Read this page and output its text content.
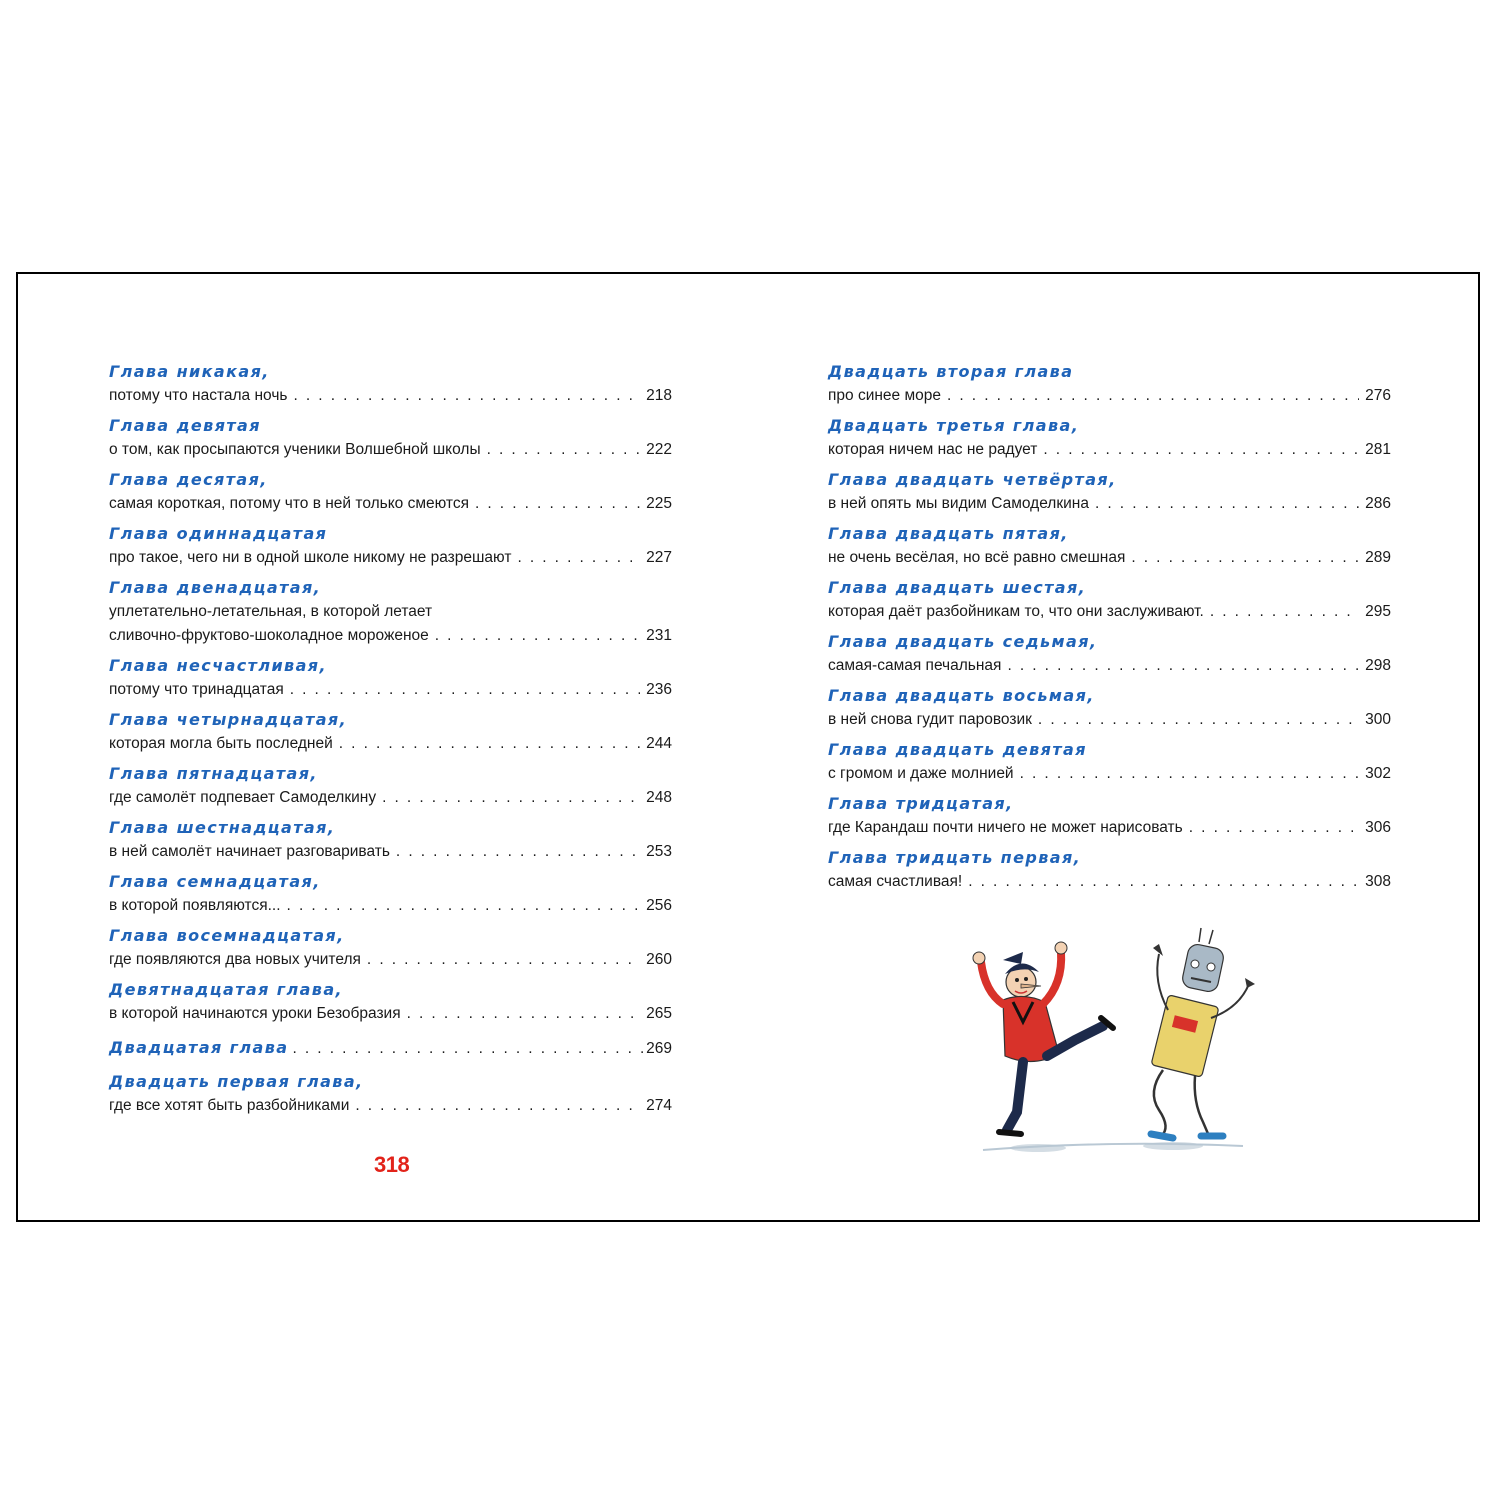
Глава никакая,
потому что настала ночь . . .	218
Глава девятая
о том, как просыпаются ученики Волшебной школы . . .	222
Глава десятая,
самая короткая, потому что в ней только смеются . . .	225
Глава одиннадцатая
про такое, чего ни в одной школе никому не разрешают . . .	227
Глава двенадцатая,
уплетательно-летательная, в которой летает
сливочно-фруктово-шоколадное мороженое . . .	231
Глава несчастливая,
потому что тринадцатая . . .	236
Глава четырнадцатая,
которая могла быть последней . . .	244
Глава пятнадцатая,
где самолёт подпевает Самоделкину . . .	248
Глава шестнадцатая,
в ней самолёт начинает разговаривать . . .	253
Глава семнадцатая,
в которой появляются... . . .	256
Глава восемнадцатая,
где появляются два новых учителя . . .	260
Девятнадцатая глава,
в которой начинаются уроки Безобразия . . .	265
Двадцатая глава . . .	269
Двадцать первая глава,
где все хотят быть разбойниками . . .	274
Двадцать вторая глава
про синее море . . .	276
Двадцать третья глава,
которая ничем нас не радует . . .	281
Глава двадцать четвёртая,
в ней опять мы видим Самоделкина . . .	286
Глава двадцать пятая,
не очень весёлая, но всё равно смешная . . .	289
Глава двадцать шестая,
которая даёт разбойникам то, что они заслуживают. . . .	295
Глава двадцать седьмая,
самая-самая печальная . . .	298
Глава двадцать восьмая,
в ней снова гудит паровозик . . .	300
Глава двадцать девятая
с громом и даже молнией . . .	302
Глава тридцатая,
где Карандаш почти ничего не может нарисовать . . .	306
Глава тридцать первая,
самая счастливая! . . .	308
318
